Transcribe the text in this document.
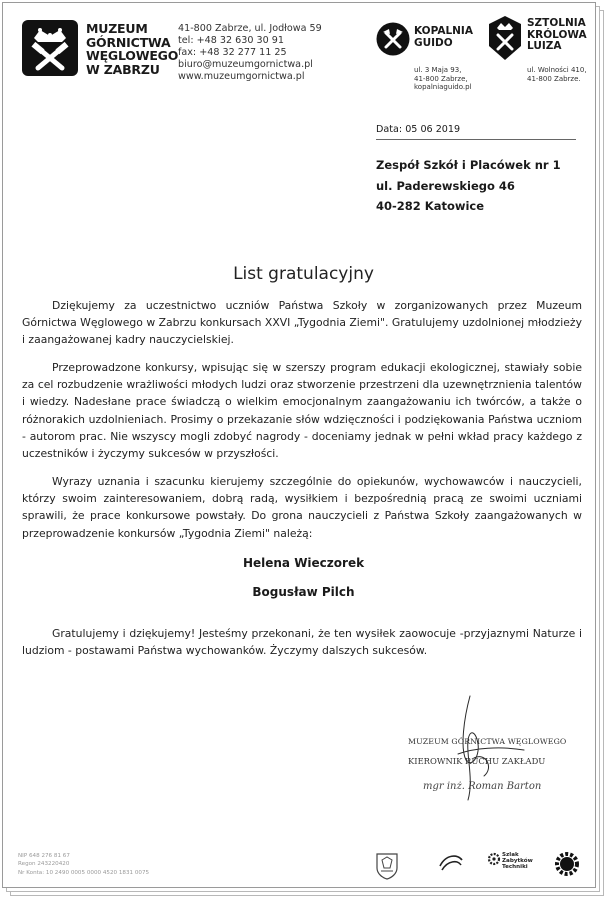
MUZEUM
GÓRNICTWA
WĘGLOWEGO
W ZABRZU
41-800 Zabrze, ul. Jodłowa 59
tel: +48 32 630 30 91
fax: +48 32 277 11 25
biuro@muzeumgornictwa.pl
www.muzeumgornictwa.pl
KOPALNIA
GUIDO
ul. 3 Maja 93,
41-800 Zabrze,
kopalniaguido.pl
SZTOLNIA
KRÓLOWA
LUIZA
ul. Wolności 410,
41-800 Zabrze.
Data: 05 06 2019
Zespół Szkół i Placówek nr 1
ul. Paderewskiego 46
40-282 Katowice
List gratulacyjny
Dziękujemy za uczestnictwo uczniów Państwa Szkoły w zorganizowanych przez Muzeum Górnictwa Węglowego w Zabrzu konkursach XXVI „Tygodnia Ziemi". Gratulujemy uzdolnionej młodzieży i zaangażowanej kadry nauczycielskiej.
Przeprowadzone konkursy, wpisując się w szerszy program edukacji ekologicznej, stawiały sobie za cel rozbudzenie wrażliwości młodych ludzi oraz stworzenie przestrzeni dla uzewnętrznienia talentów i wiedzy. Nadesłane prace świadczą o wielkim emocjonalnym zaangażowaniu ich twórców, a także o różnorakich uzdolnieniach. Prosimy o przekazanie słów wdzięczności i podziękowania Państwa uczniom - autorom prac. Nie wszyscy mogli zdobyć nagrody - doceniamy jednak w pełni wkład pracy każdego z uczestników i życzymy sukcesów w przyszłości.
Wyrazy uznania i szacunku kierujemy szczególnie do opiekunów, wychowawców i nauczycieli, którzy swoim zainteresowaniem, dobrą radą, wysiłkiem i bezpośrednią pracą ze swoimi uczniami sprawili, że prace konkursowe powstały. Do grona nauczycieli z Państwa Szkoły zaangażowanych w przeprowadzenie konkursów „Tygodnia Ziemi" należą:
Helena Wieczorek
Bogusław Pilch
Gratulujemy i dziękujemy! Jesteśmy przekonani, że ten wysiłek zaowocuje -przyjaznymi Naturze i ludziom - postawami Państwa wychowanków. Życzymy dalszych sukcesów.
MUZEUM GÓRNICTWA WĘGLOWEGO
KIEROWNIK RUCHU ZAKŁADU
mgr inż. Roman Barton
NIP 648 276 81 67
Regon 243220420
Nr Konta: 10 2490 0005 0000 4520 1831 0075
Szlak Zabytków Techniki
